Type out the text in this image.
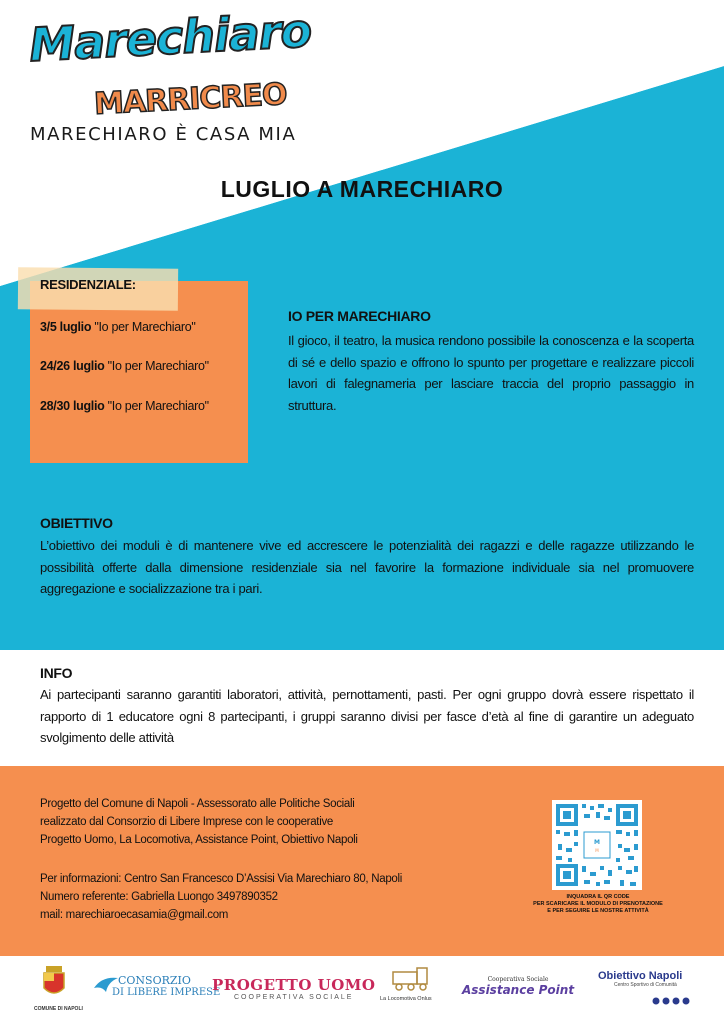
Marechiaro
MARRICREO
MARECHIARO È CASA MIA
LUGLIO A MARECHIARO
RESIDENZIALE:
3/5 luglio "Io per Marechiaro"
24/26 luglio "Io per Marechiaro"
28/30 luglio "Io per Marechiaro"
IO PER MARECHIARO
Il gioco, il teatro, la musica rendono possibile la conoscenza e la scoperta di sé e dello spazio e offrono lo spunto per progettare e realizzare piccoli lavori di falegnameria per lasciare traccia del proprio passaggio in struttura.
OBIETTIVO
L’obiettivo dei moduli è di mantenere vive ed accrescere le potenzialità dei ragazzi e delle ragazze utilizzando le possibilità offerte dalla dimensione residenziale sia nel favorire la formazione individuale sia nel promuovere aggregazione e socializzazione tra i pari.
INFO
Ai partecipanti saranno garantiti laboratori, attività, pernottamenti, pasti. Per ogni gruppo dovrà essere rispettato il rapporto di 1 educatore ogni 8 partecipanti, i gruppi saranno divisi per fasce d’età al fine di garantire un adeguato svolgimento delle attività
Progetto del Comune di Napoli - Assessorato alle Politiche Sociali
realizzato dal Consorzio di Libere Imprese con le cooperative
Progetto Uomo, La Locomotiva, Assistance Point, Obiettivo Napoli
Per informazioni: Centro San Francesco D’Assisi Via Marechiaro 80, Napoli
Numero referente: Gabriella Luongo 3497890352
mail: marechiaroecasamia@gmail.com
M
M
INQUADRA IL QR CODE
PER SCARICARE IL MODULO DI PRENOTAZIONE
E PER SEGUIRE LE NOSTRE ATTIVITÀ
COMUNE DI NAPOLI
CONSORZIO
DI LIBERE IMPRESE
PROGETTO UOMO
COOPERATIVA SOCIALE	La Locomotiva Onlus
Cooperativa Sociale
Assistance Point
Obiettivo Napoli
Centro Sportivo di Comunità
